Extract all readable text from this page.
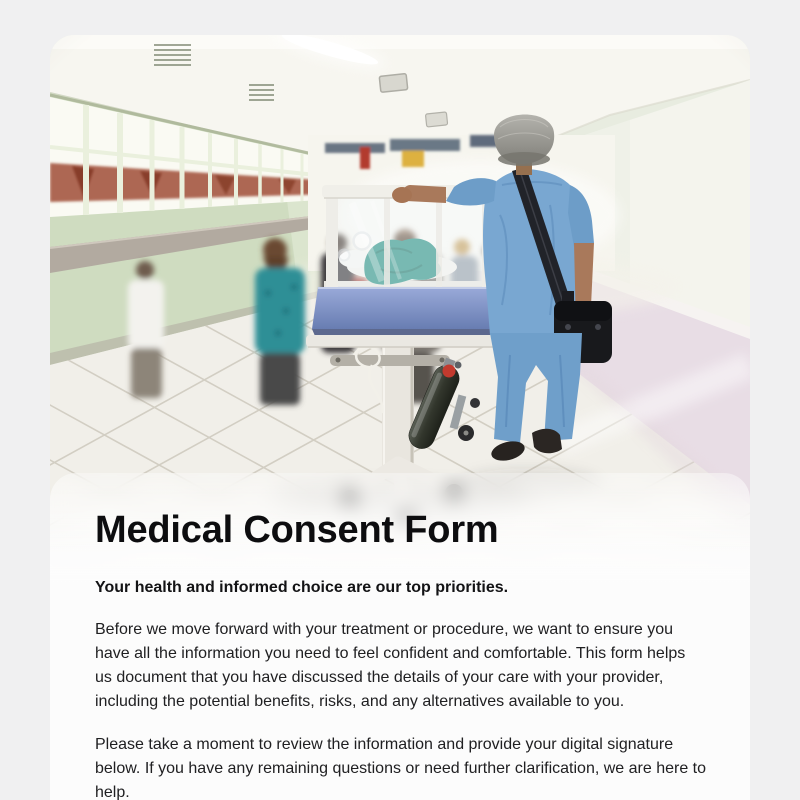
Medical Consent Form

Your health and informed choice are our top priorities.

Before we move forward with your treatment or procedure, we want to ensure you have all the information you need to feel confident and comfortable. This form helps us document that you have discussed the details of your care with your provider, including the potential benefits, risks, and any alternatives available to you.

Please take a moment to review the information and provide your digital signature below. If you have any remaining questions or need further clarification, we are here to help.
